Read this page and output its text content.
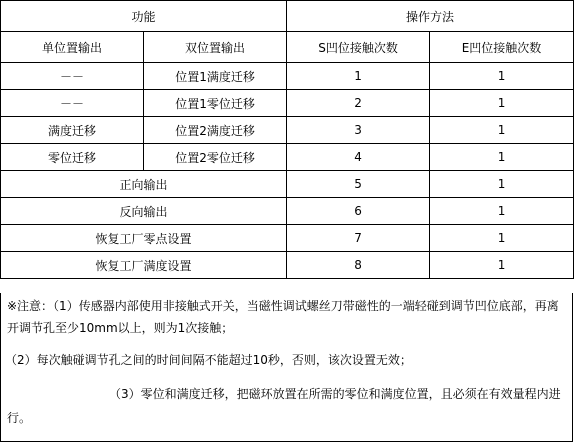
功能		操作方法	
单位置输出	双位置输出	S凹位接触次数	E凹位接触次数
－－	位置1满度迁移	1	1
－－	位置1零位迁移	2	1
满度迁移	位置2满度迁移	3	1
零位迁移	位置2零位迁移	4	1
正向输出		5	1
反向输出		6	1
恢复工厂零点设置		7	1
恢复工厂满度设置		8	1
※注意：（1）传感器内部使用非接触式开关，当磁性调试螺丝刀带磁性的一端轻碰到调节凹位底部，再离
开调节孔至少10mm以上，则为1次接触；
（2）每次触碰调节孔之间的时间间隔不能超过10秒，否则，该次设置无效；
（3）零位和满度迁移，把磁环放置在所需的零位和满度位置，且必须在有效量程内进
行。
